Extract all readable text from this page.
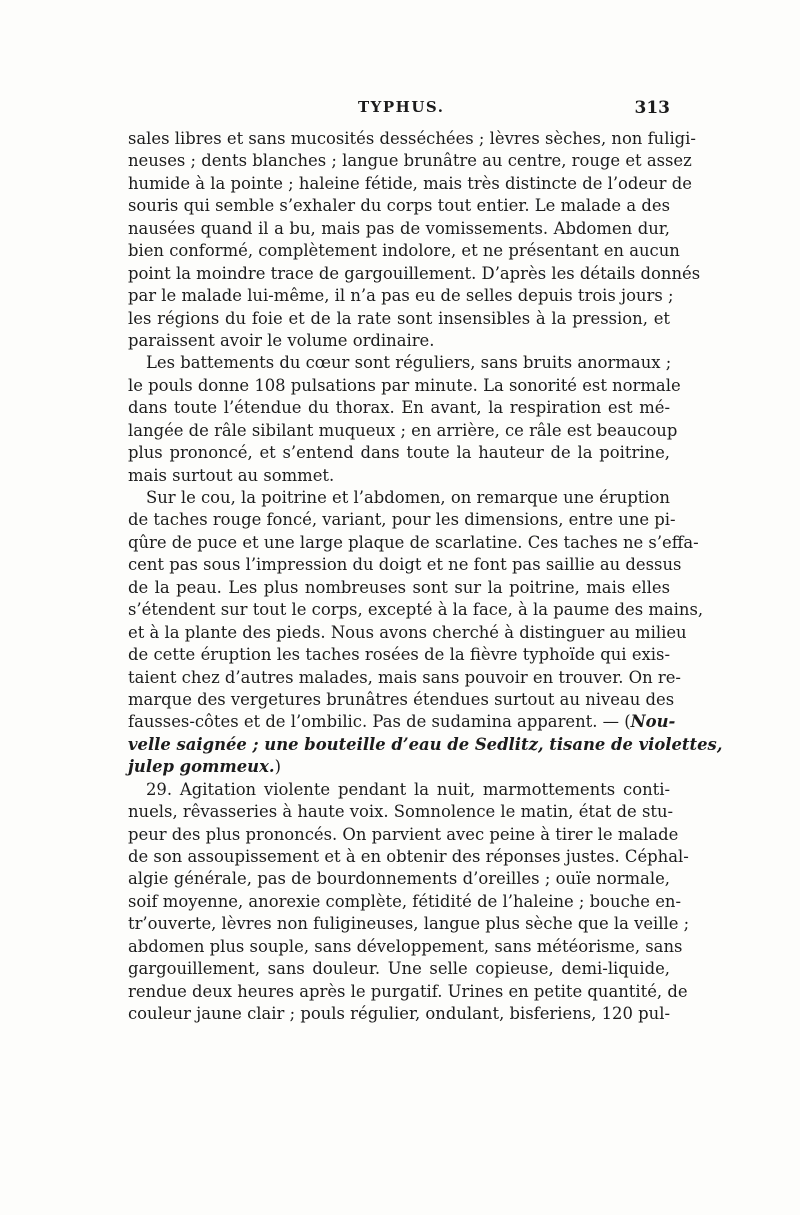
TYPHUS.	313
sales libres et sans mucosités desséchées ; lèvres sèches, non fuligi-
neuses ; dents blanches ; langue brunâtre au centre, rouge et assez
humide à la pointe ; haleine fétide, mais très distincte de l’odeur de
souris qui semble s’exhaler du corps tout entier. Le malade a des
nausées quand il a bu, mais pas de vomissements. Abdomen dur,
bien conformé, complètement indolore, et ne présentant en aucun
point la moindre trace de gargouillement. D’après les détails donnés
par le malade lui-même, il n’a pas eu de selles depuis trois jours ;
les régions du foie et de la rate sont insensibles à la pression, et
paraissent avoir le volume ordinaire.
Les battements du cœur sont réguliers, sans bruits anormaux ;
le pouls donne 108 pulsations par minute. La sonorité est normale
dans toute l’étendue du thorax. En avant, la respiration est mé-
langée de râle sibilant muqueux ; en arrière, ce râle est beaucoup
plus prononcé, et s’entend dans toute la hauteur de la poitrine,
mais surtout au sommet.
Sur le cou, la poitrine et l’abdomen, on remarque une éruption
de taches rouge foncé, variant, pour les dimensions, entre une pi-
qûre de puce et une large plaque de scarlatine. Ces taches ne s’effa-
cent pas sous l’impression du doigt et ne font pas saillie au dessus
de la peau. Les plus nombreuses sont sur la poitrine, mais elles
s’étendent sur tout le corps, excepté à la face, à la paume des mains,
et à la plante des pieds. Nous avons cherché à distinguer au milieu
de cette éruption les taches rosées de la fièvre typhoïde qui exis-
taient chez d’autres malades, mais sans pouvoir en trouver. On re-
marque des vergetures brunâtres étendues surtout au niveau des
fausses-côtes et de l’ombilic. Pas de sudamina apparent. — (Nou-
velle saignée ; une bouteille d’eau de Sedlitz, tisane de violettes,
julep gommeux.)
29. Agitation violente pendant la nuit, marmottements conti-
nuels, rêvasseries à haute voix. Somnolence le matin, état de stu-
peur des plus prononcés. On parvient avec peine à tirer le malade
de son assoupissement et à en obtenir des réponses justes. Céphal-
algie générale, pas de bourdonnements d’oreilles ; ouïe normale,
soif moyenne, anorexie complète, fétidité de l’haleine ; bouche en-
tr’ouverte, lèvres non fuligineuses, langue plus sèche que la veille ;
abdomen plus souple, sans développement, sans météorisme, sans
gargouillement, sans douleur. Une selle copieuse, demi-liquide,
rendue deux heures après le purgatif. Urines en petite quantité, de
couleur jaune clair ; pouls régulier, ondulant, bisferiens, 120 pul-
